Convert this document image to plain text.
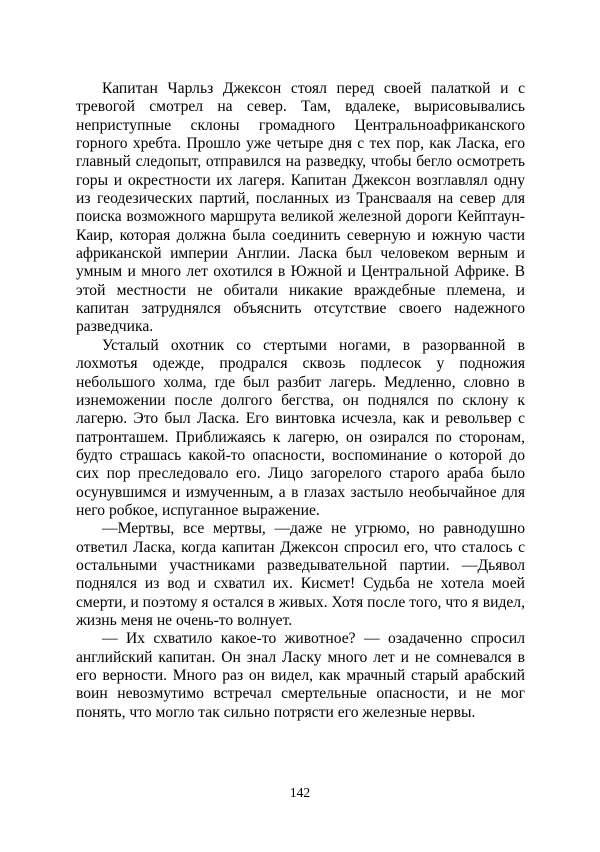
Капитан Чарльз Джексон стоял перед своей палаткой и с тревогой смотрел на север. Там, вдалеке, вырисовывались неприступные склоны громадного Центральноафриканского горного хребта. Прошло уже четыре дня с тех пор, как Ласка, его главный следопыт, отправился на разведку, чтобы бегло осмотреть горы и окрестности их лагеря. Капитан Джексон возглавлял одну из геодезических партий, посланных из Трансвааля на север для поиска возможного маршрута великой железной дороги Кейптаун-Каир, которая должна была соединить северную и южную части африканской империи Англии. Ласка был человеком верным и умным и много лет охотился в Южной и Центральной Африке. В этой местности не обитали никакие враждебные племена, и капитан затруднялся объяснить отсутствие своего надежного разведчика.

Усталый охотник со стертыми ногами, в разорванной в лохмотья одежде, продрался сквозь подлесок у подножия небольшого холма, где был разбит лагерь. Медленно, словно в изнеможении после долгого бегства, он поднялся по склону к лагерю. Это был Ласка. Его винтовка исчезла, как и револьвер с патронташем. Приближаясь к лагерю, он озирался по сторонам, будто страшась какой-то опасности, воспоминание о которой до сих пор преследовало его. Лицо загорелого старого араба было осунувшимся и измученным, а в глазах застыло необычайное для него робкое, испуганное выражение.

—Мертвы, все мертвы, —даже не угрюмо, но равнодушно ответил Ласка, когда капитан Джексон спросил его, что сталось с остальными участниками разведывательной партии. —Дьявол поднялся из вод и схватил их. Кисмет! Судьба не хотела моей смерти, и поэтому я остался в живых. Хотя после того, что я видел, жизнь меня не очень-то волнует.

— Их схватило какое-то животное? — озадаченно спросил английский капитан. Он знал Ласку много лет и не сомневался в его верности. Много раз он видел, как мрачный старый арабский воин невозмутимо встречал смертельные опасности, и не мог понять, что могло так сильно потрясти его железные нервы.

142
